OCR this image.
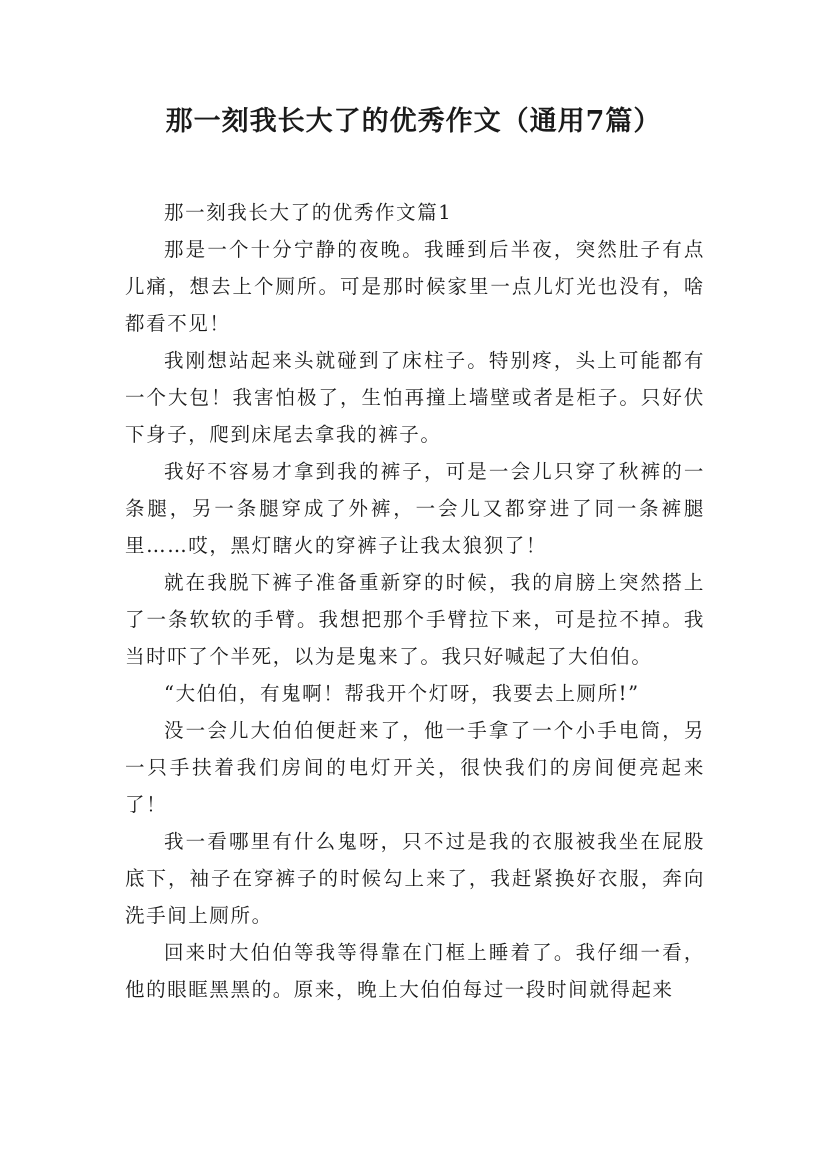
那一刻我长大了的优秀作文（通用7篇）

那一刻我长大了的优秀作文篇1

那是一个十分宁静的夜晚。我睡到后半夜，突然肚子有点儿痛，想去上个厕所。可是那时候家里一点儿灯光也没有，啥都看不见！

我刚想站起来头就碰到了床柱子。特别疼，头上可能都有一个大包！我害怕极了，生怕再撞上墙壁或者是柜子。只好伏下身子，爬到床尾去拿我的裤子。

我好不容易才拿到我的裤子，可是一会儿只穿了秋裤的一条腿，另一条腿穿成了外裤，一会儿又都穿进了同一条裤腿里……哎，黑灯瞎火的穿裤子让我太狼狈了！

就在我脱下裤子准备重新穿的时候，我的肩膀上突然搭上了一条软软的手臂。我想把那个手臂拉下来，可是拉不掉。我当时吓了个半死，以为是鬼来了。我只好喊起了大伯伯。

“大伯伯，有鬼啊！帮我开个灯呀，我要去上厕所!”

没一会儿大伯伯便赶来了，他一手拿了一个小手电筒，另一只手扶着我们房间的电灯开关，很快我们的房间便亮起来了！

我一看哪里有什么鬼呀，只不过是我的衣服被我坐在屁股底下，袖子在穿裤子的时候勾上来了，我赶紧换好衣服，奔向洗手间上厕所。

回来时大伯伯等我等得靠在门框上睡着了。我仔细一看，他的眼眶黑黑的。原来，晚上大伯伯每过一段时间就得起来
